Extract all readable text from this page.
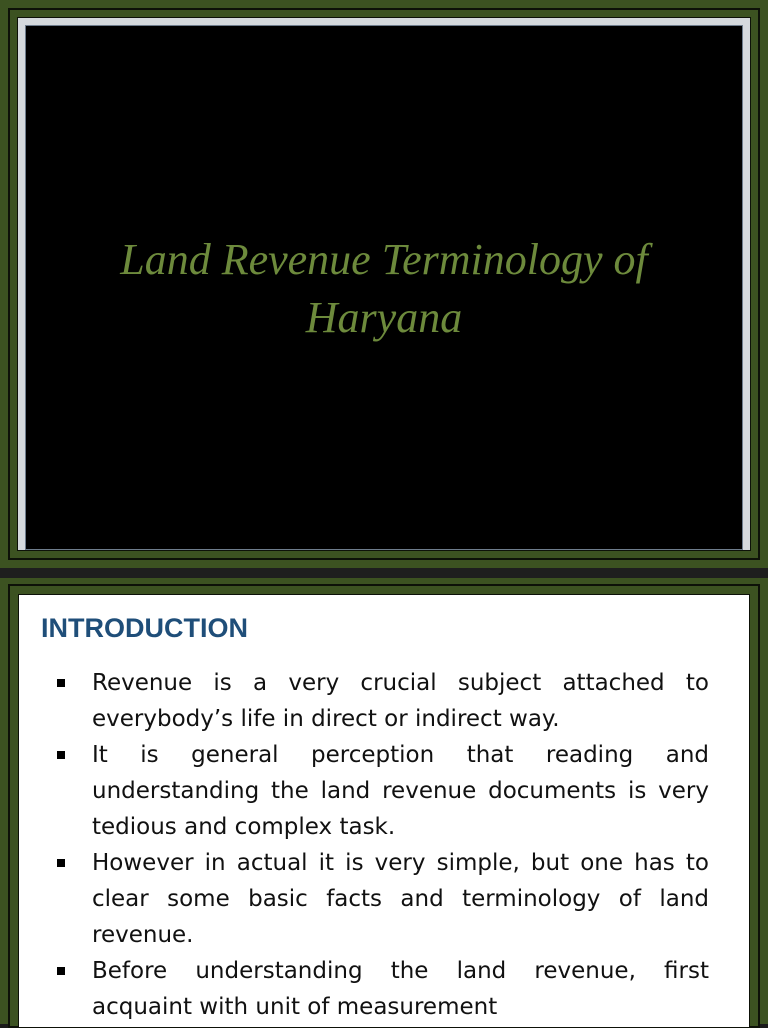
Land Revenue Terminology of
Haryana
INTRODUCTION
Revenue is a very crucial subject attached to everybody’s life in direct or indirect way.
It is general perception that reading and understanding the land revenue documents is very tedious and complex task.
However in actual it is very simple, but one has to clear some basic facts and terminology of land revenue.
Before understanding the land revenue, first acquaint with unit of measurement
